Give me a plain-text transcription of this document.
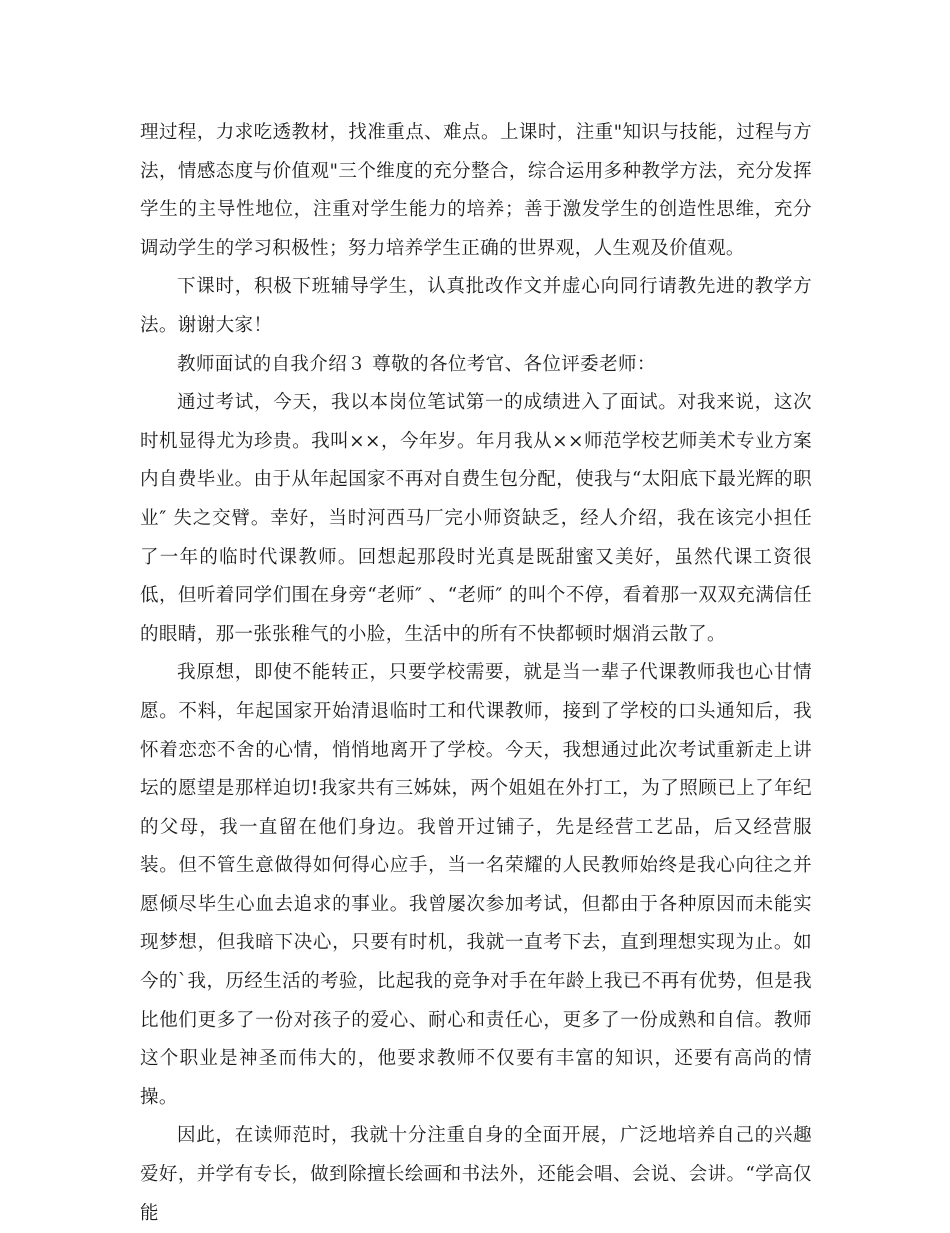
理过程，力求吃透教材，找准重点、难点。上课时，注重"知识与技能，过程与方法，情感态度与价值观"三个维度的充分整合，综合运用多种教学方法，充分发挥学生的主导性地位，注重对学生能力的培养；善于激发学生的创造性思维，充分调动学生的学习积极性；努力培养学生正确的世界观，人生观及价值观。

下课时，积极下班辅导学生，认真批改作文并虚心向同行请教先进的教学方法。谢谢大家！

教师面试的自我介绍３ 尊敬的各位考官、各位评委老师：

通过考试，今天，我以本岗位笔试第一的成绩进入了面试。对我来说，这次时机显得尤为珍贵。我叫××，今年岁。年月我从××师范学校艺师美术专业方案内自费毕业。由于从年起国家不再对自费生包分配，使我与“太阳底下最光辉的职业″ 失之交臂。幸好，当时河西马厂完小师资缺乏，经人介绍，我在该完小担任了一年的临时代课教师。回想起那段时光真是既甜蜜又美好，虽然代课工资很低，但听着同学们围在身旁“老师″ 、“老师″ 的叫个不停，看着那一双双充满信任的眼睛，那一张张稚气的小脸，生活中的所有不快都顿时烟消云散了。

我原想，即使不能转正，只要学校需要，就是当一辈子代课教师我也心甘情愿。不料，年起国家开始清退临时工和代课教师，接到了学校的口头通知后，我怀着恋恋不舍的心情，悄悄地离开了学校。今天，我想通过此次考试重新走上讲坛的愿望是那样迫切!我家共有三姊妹，两个姐姐在外打工，为了照顾已上了年纪的父母，我一直留在他们身边。我曾开过铺子，先是经营工艺品，后又经营服装。但不管生意做得如何得心应手，当一名荣耀的人民教师始终是我心向往之并愿倾尽毕生心血去追求的事业。我曾屡次参加考试，但都由于各种原因而未能实现梦想，但我暗下决心，只要有时机，我就一直考下去，直到理想实现为止。如今的`我，历经生活的考验，比起我的竞争对手在年龄上我已不再有优势，但是我比他们更多了一份对孩子的爱心、耐心和责任心，更多了一份成熟和自信。教师这个职业是神圣而伟大的，他要求教师不仅要有丰富的知识，还要有高尚的情操。

因此，在读师范时，我就十分注重自身的全面开展，广泛地培养自己的兴趣爱好，并学有专长，做到除擅长绘画和书法外，还能会唱、会说、会讲。“学高仅能
